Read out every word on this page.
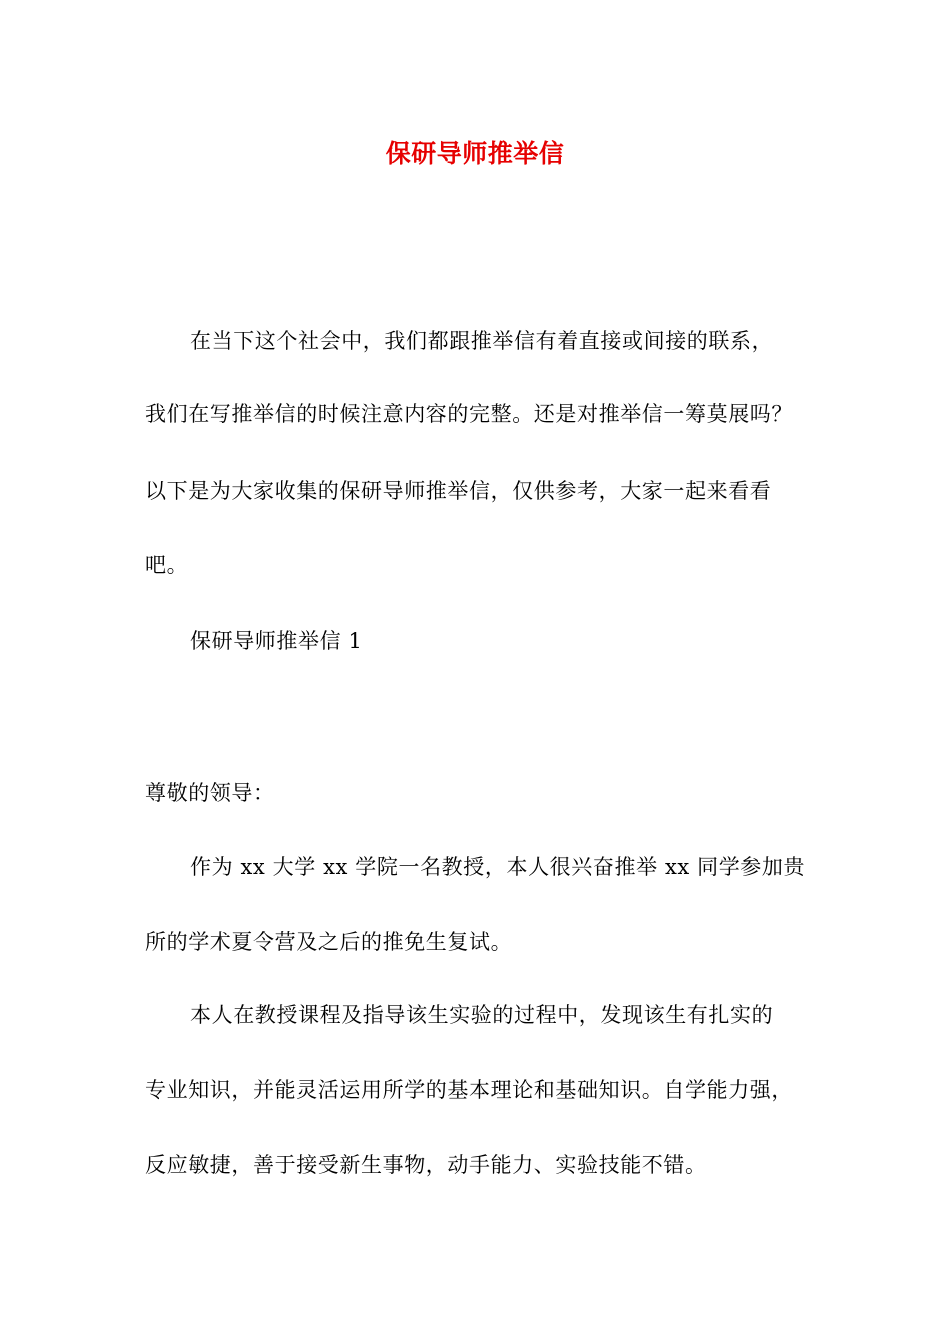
保研导师推举信
在当下这个社会中，我们都跟推举信有着直接或间接的联系，
我们在写推举信的时候注意内容的完整。还是对推举信一筹莫展吗？
以下是为大家收集的保研导师推举信，仅供参考，大家一起来看看
吧。
保研导师推举信 1
尊敬的领导：
作为 xx 大学 xx 学院一名教授，本人很兴奋推举 xx 同学参加贵
所的学术夏令营及之后的推免生复试。
本人在教授课程及指导该生实验的过程中，发现该生有扎实的
专业知识，并能灵活运用所学的基本理论和基础知识。自学能力强，
反应敏捷，善于接受新生事物，动手能力、实验技能不错。
